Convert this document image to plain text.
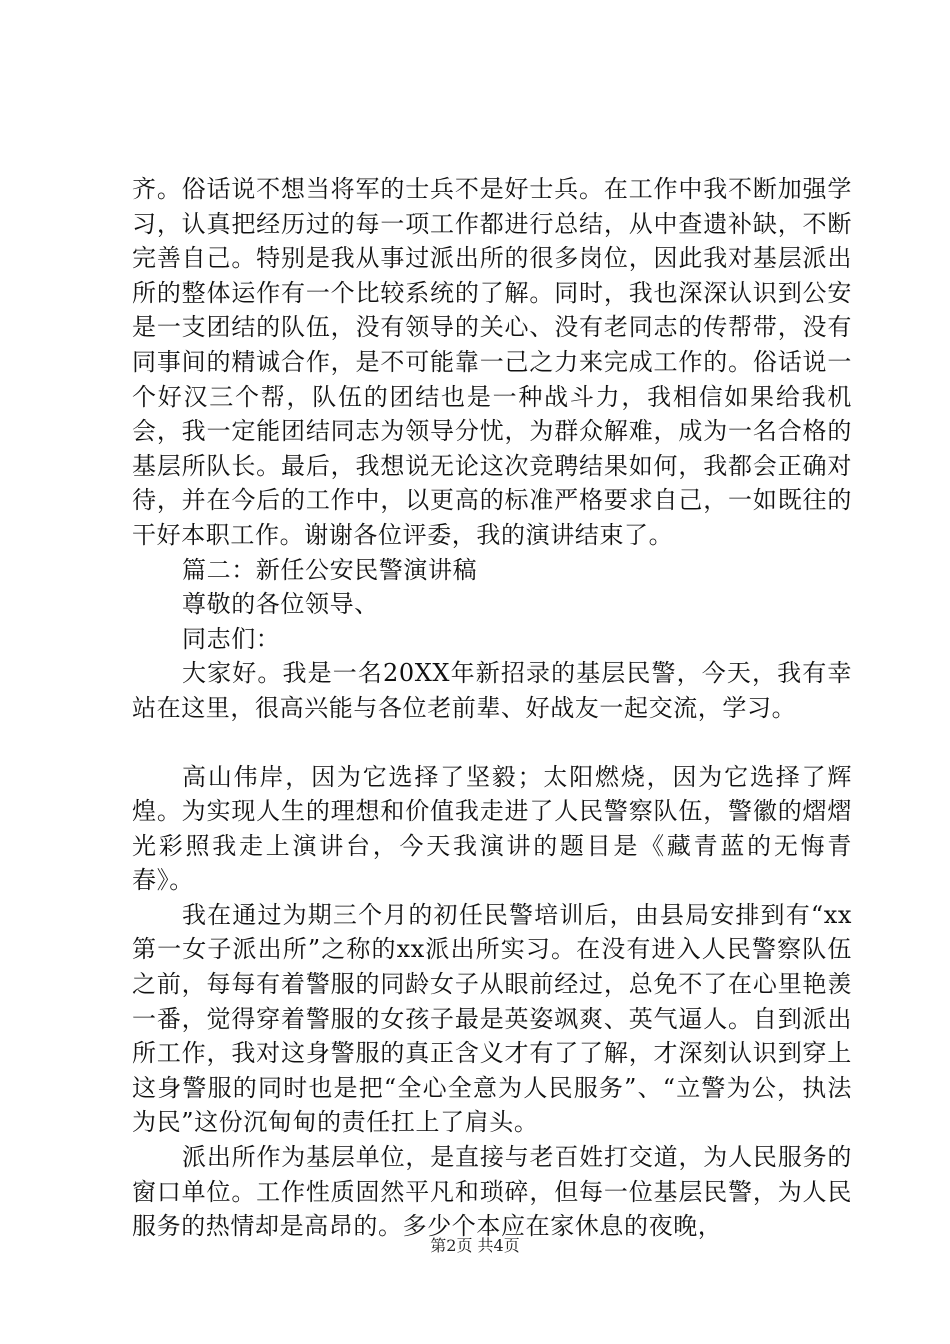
齐。俗话说不想当将军的士兵不是好士兵。在工作中我不断加强学习，认真把经历过的每一项工作都进行总结，从中查遗补缺，不断完善自己。特别是我从事过派出所的很多岗位，因此我对基层派出所的整体运作有一个比较系统的了解。同时，我也深深认识到公安是一支团结的队伍，没有领导的关心、没有老同志的传帮带，没有同事间的精诚合作，是不可能靠一己之力来完成工作的。俗话说一个好汉三个帮，队伍的团结也是一种战斗力，我相信如果给我机会，我一定能团结同志为领导分忧，为群众解难，成为一名合格的基层所队长。最后，我想说无论这次竞聘结果如何，我都会正确对待，并在今后的工作中，以更高的标准严格要求自己，一如既往的干好本职工作。谢谢各位评委，我的演讲结束了。

篇二：新任公安民警演讲稿

尊敬的各位领导、

同志们：

大家好。我是一名20XX年新招录的基层民警，今天，我有幸站在这里，很高兴能与各位老前辈、好战友一起交流，学习。

高山伟岸，因为它选择了坚毅；太阳燃烧，因为它选择了辉煌。为实现人生的理想和价值我走进了人民警察队伍，警徽的熠熠光彩照我走上演讲台，今天我演讲的题目是《藏青蓝的无悔青春》。

我在通过为期三个月的初任民警培训后，由县局安排到有“xx第一女子派出所”之称的xx派出所实习。在没有进入人民警察队伍之前，每每有着警服的同龄女子从眼前经过，总免不了在心里艳羡一番，觉得穿着警服的女孩子最是英姿飒爽、英气逼人。自到派出所工作，我对这身警服的真正含义才有了了解，才深刻认识到穿上这身警服的同时也是把“全心全意为人民服务”、“立警为公，执法为民”这份沉甸甸的责任扛上了肩头。

派出所作为基层单位，是直接与老百姓打交道，为人民服务的窗口单位。工作性质固然平凡和琐碎，但每一位基层民警，为人民服务的热情却是高昂的。多少个本应在家休息的夜晚，

第2页 共4页
